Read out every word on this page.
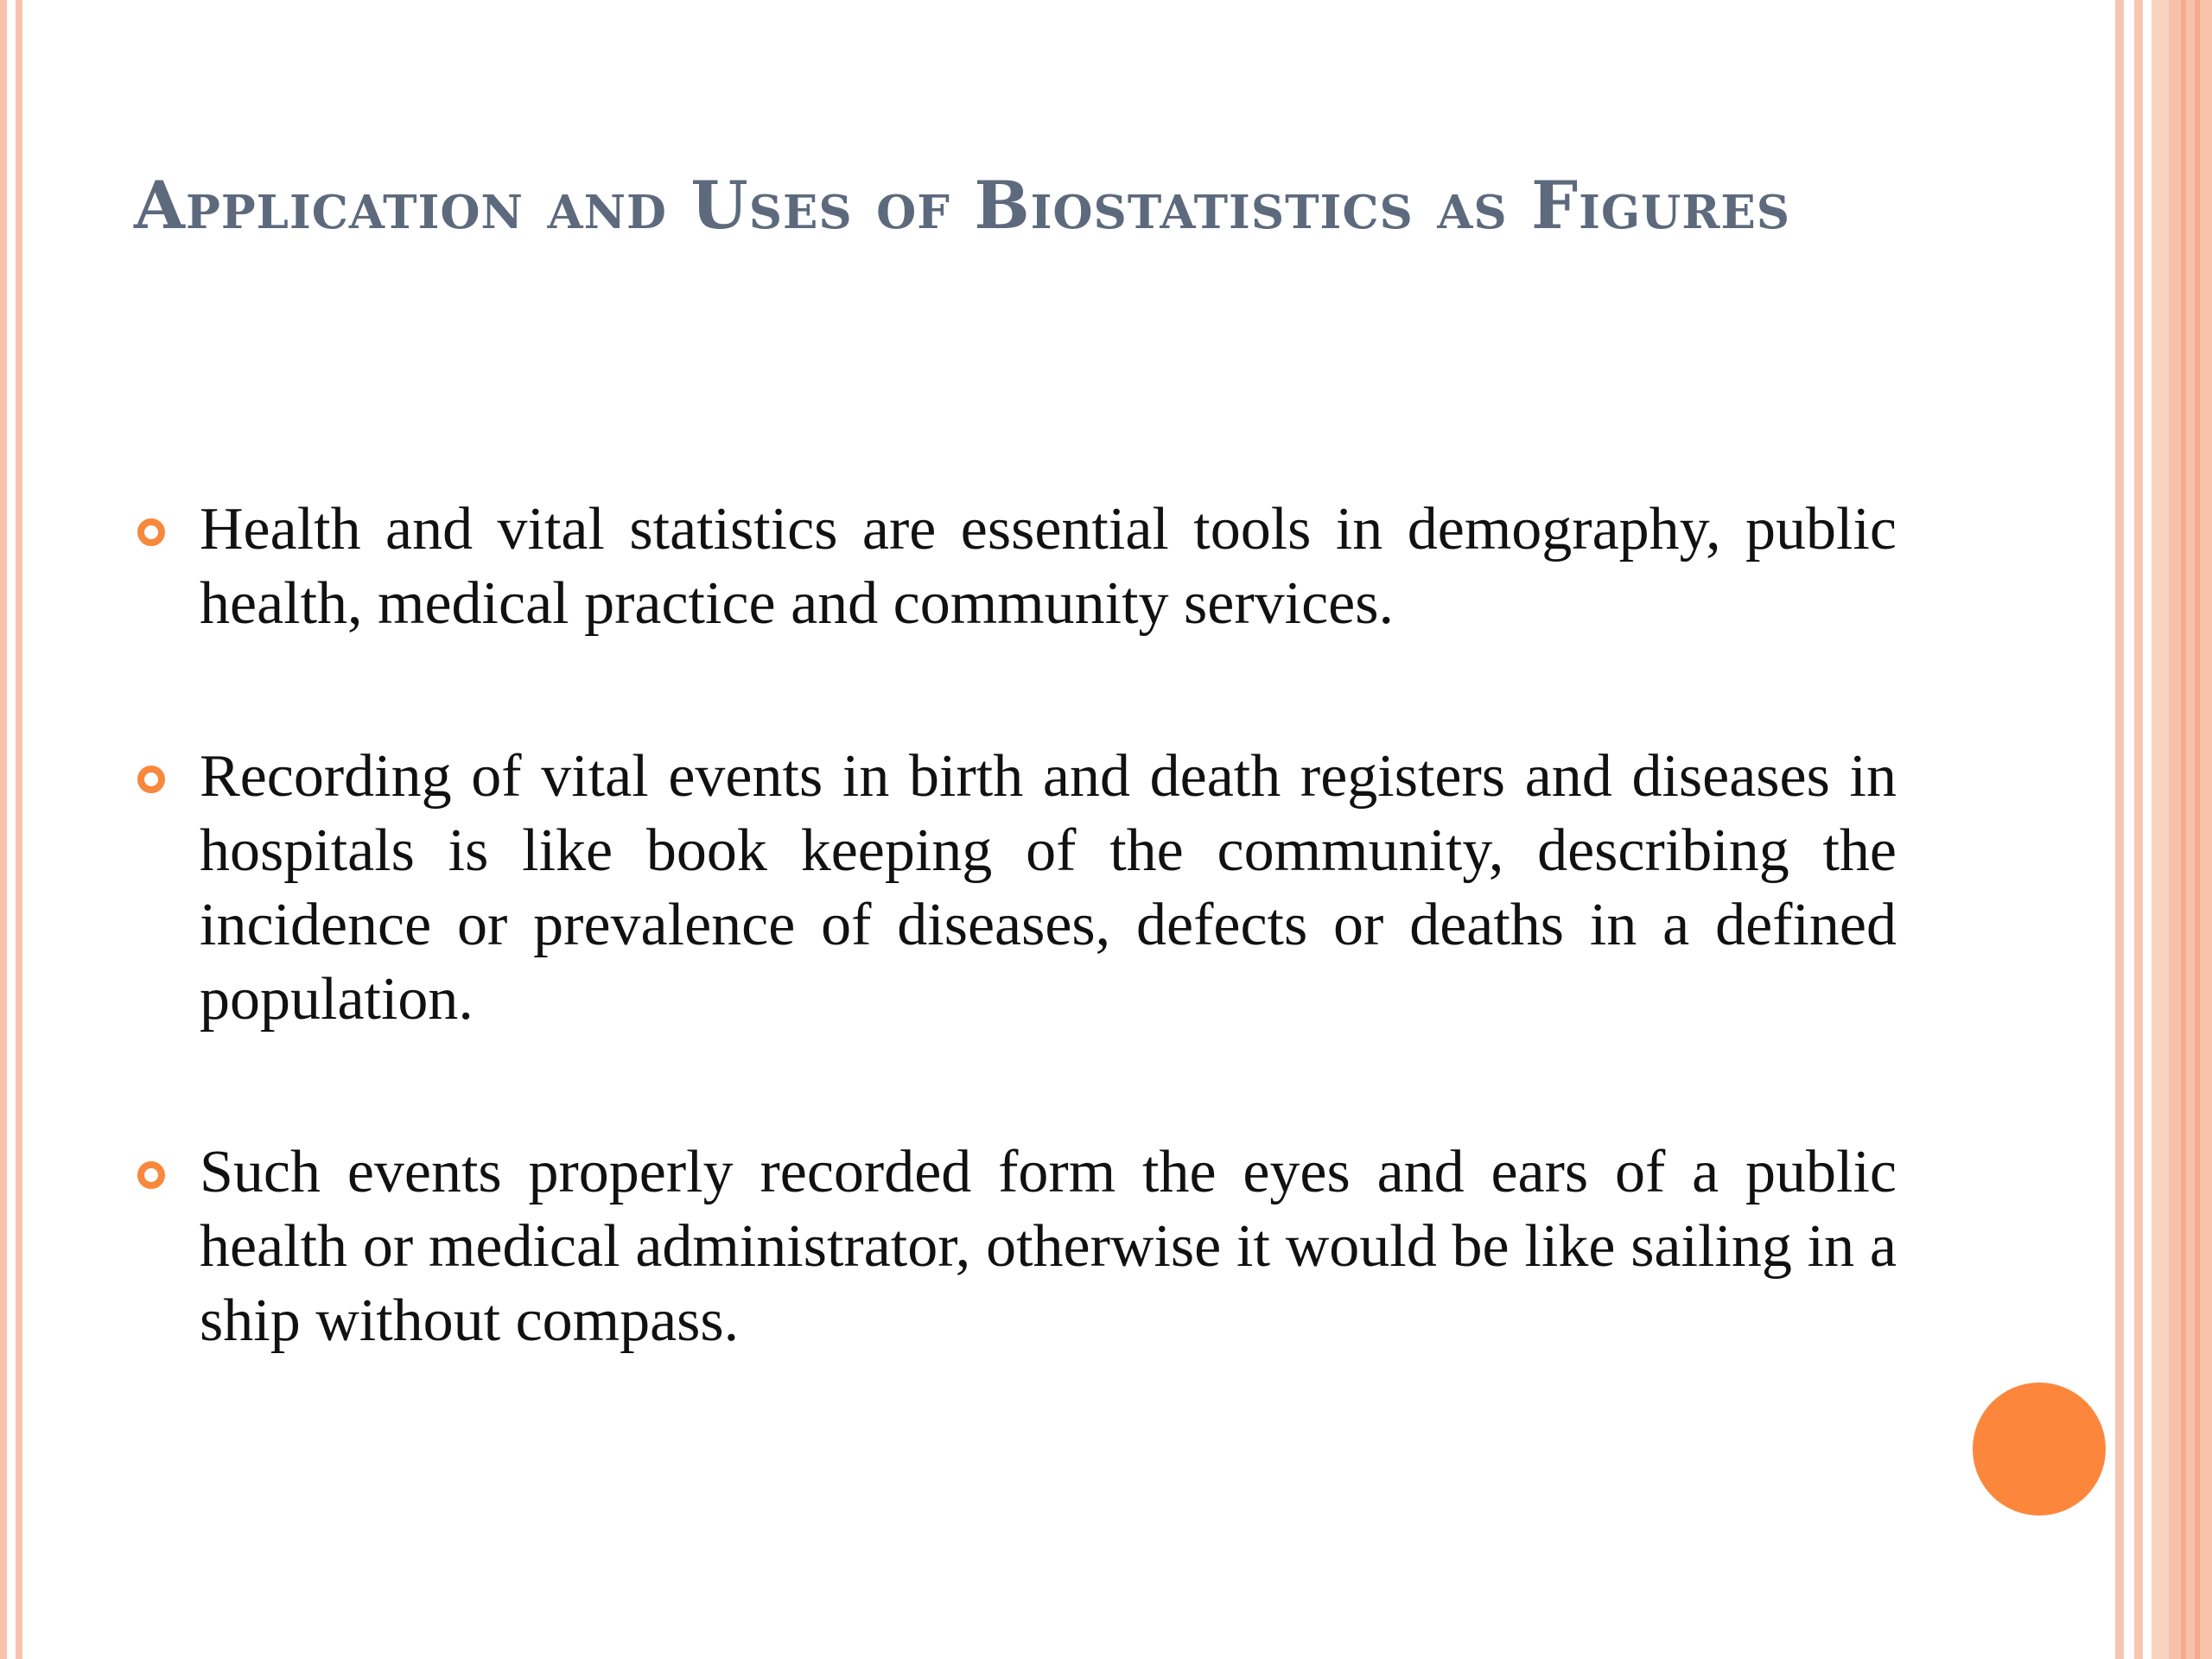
Application and Uses of Biostatistics as Figures
Health and vital statistics are essential tools in demography, public health, medical practice and community services.
Recording of vital events in birth and death registers and diseases in hospitals is like book keeping of the community, describing the incidence or prevalence of diseases, defects or deaths in a defined population.
Such events properly recorded form the eyes and ears of a public health or medical administrator, otherwise it would be like sailing in a ship without compass.
